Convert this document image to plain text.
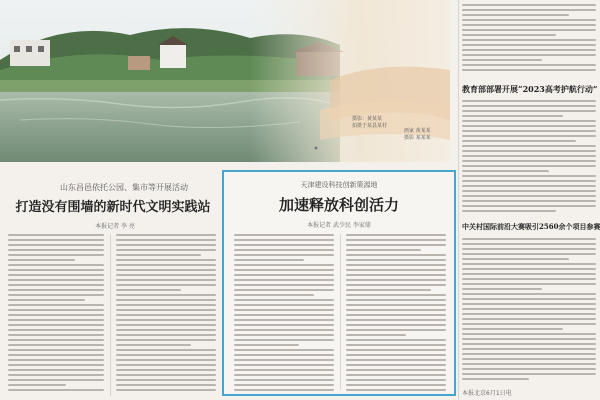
摄影：黄某某
拍摄于某县某村
画家 黄某某
摄影 某某某
教育部部署开展“2023高考护航行动”
中关村国际前沿大赛吸引2560余个项目参赛
本报北京6月1日电
山东昌邑依托公园、集市等开展活动
打造没有围墙的新时代文明实践站
本报记者 李 亮
天津建设科技创新策源地
加速释放科创活力
本报记者 武少民 李家鼎
